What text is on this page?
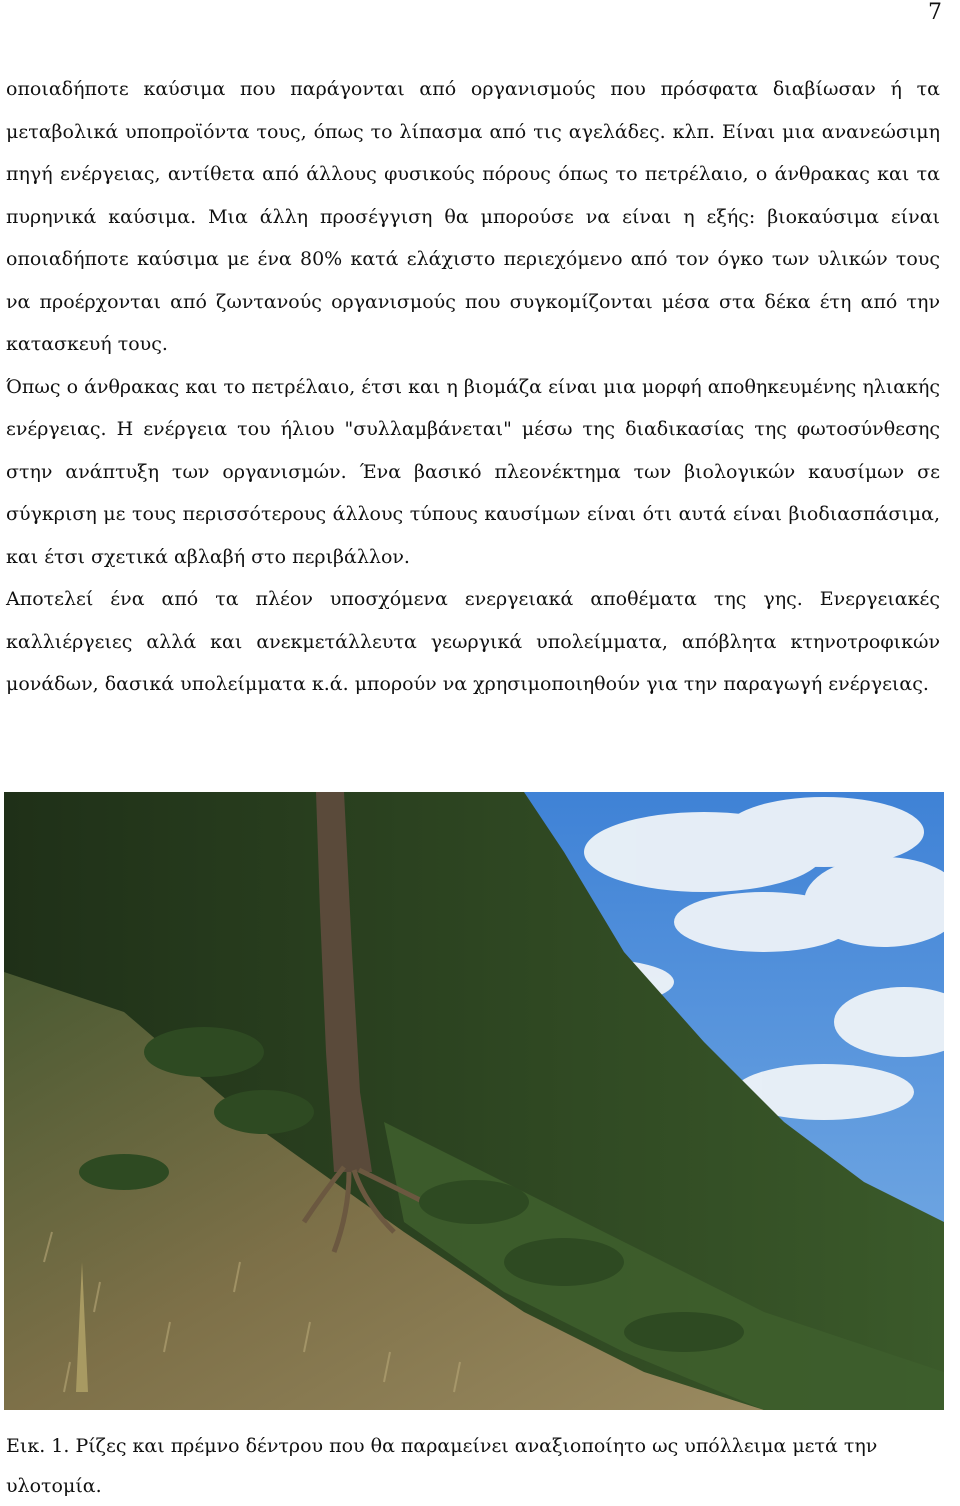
7

οποιαδήποτε καύσιμα που παράγονται από οργανισμούς που πρόσφατα διαβίωσαν ή τα μεταβολικά υποπροϊόντα τους, όπως το λίπασμα από τις αγελάδες. κλπ. Είναι μια ανανεώσιμη πηγή ενέργειας, αντίθετα από άλλους φυσικούς πόρους όπως το πετρέλαιο, ο άνθρακας και τα πυρηνικά καύσιμα. Μια άλλη προσέγγιση θα μπορούσε να είναι η εξής: βιοκαύσιμα είναι οποιαδήποτε καύσιμα με ένα 80% κατά ελάχιστο περιεχόμενο από τον όγκο των υλικών τους να προέρχονται από ζωντανούς οργανισμούς που συγκομίζονται μέσα στα δέκα έτη από την κατασκευή τους.

Όπως ο άνθρακας και το πετρέλαιο, έτσι και η βιομάζα είναι μια μορφή αποθηκευμένης ηλιακής ενέργειας. Η ενέργεια του ήλιου "συλλαμβάνεται" μέσω της διαδικασίας της φωτοσύνθεσης στην ανάπτυξη των οργανισμών. Ένα βασικό πλεονέκτημα των βιολογικών καυσίμων σε σύγκριση με τους περισσότερους άλλους τύπους καυσίμων είναι ότι αυτά είναι βιοδιασπάσιμα, και έτσι σχετικά αβλαβή στο περιβάλλον.

Αποτελεί ένα από τα πλέον υποσχόμενα ενεργειακά αποθέματα της γης. Ενεργειακές καλλιέργειες αλλά και ανεκμετάλλευτα γεωργικά υπολείμματα, απόβλητα κτηνοτροφικών μονάδων, δασικά υπολείμματα κ.ά. μπορούν να χρησιμοποιηθούν για την παραγωγή ενέργειας.

Εικ. 1. Ρίζες και πρέμνο δέντρου που θα παραμείνει αναξιοποίητο ως υπόλλειμα μετά την υλοτομία.
